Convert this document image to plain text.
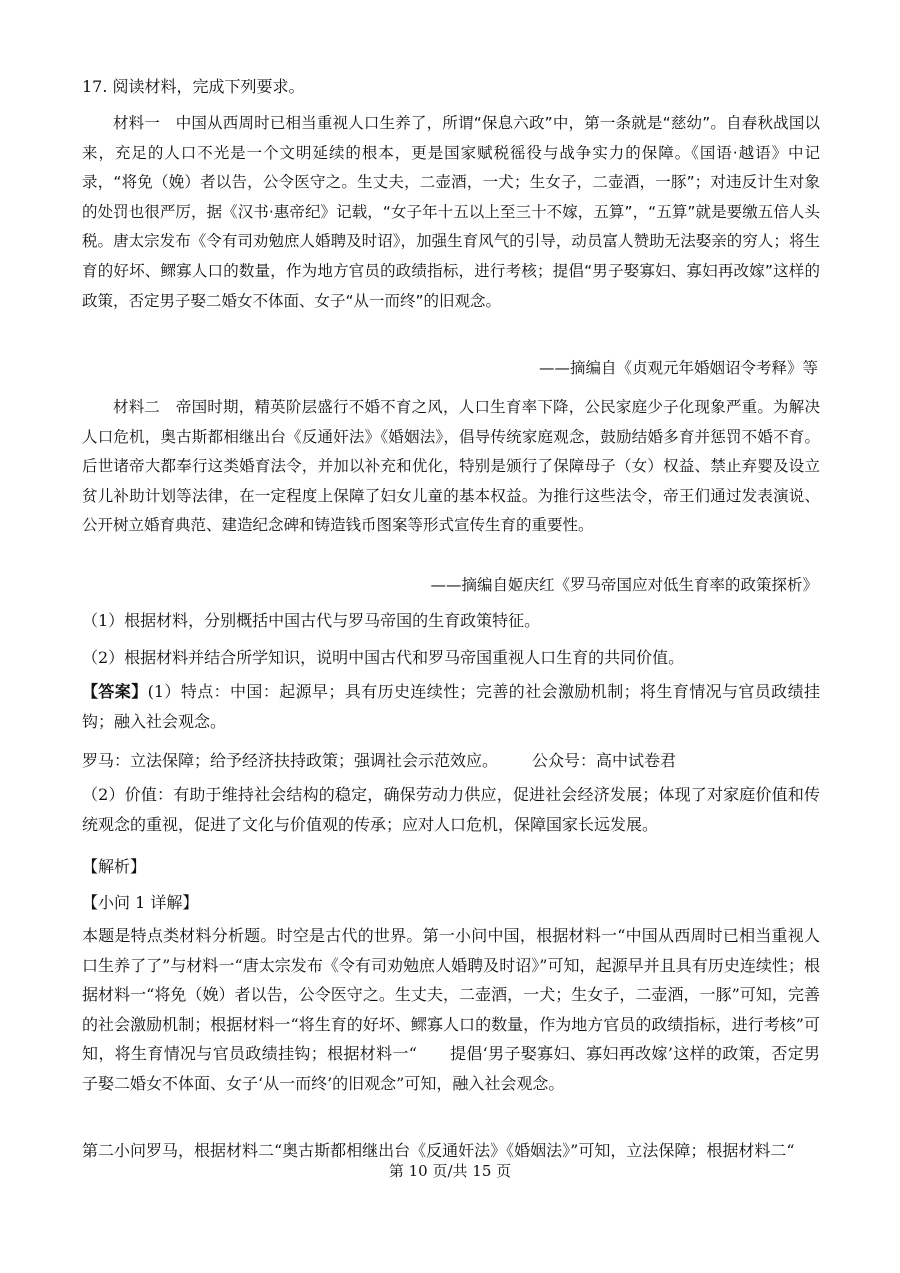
17. 阅读材料，完成下列要求。
材料一　中国从西周时已相当重视人口生养了，所谓“保息六政”中，第一条就是“慈幼”。自春秋战国以来，充足的人口不光是一个文明延续的根本，更是国家赋税徭役与战争实力的保障。《国语·越语》中记录，“将免（娩）者以告，公令医守之。生丈夫，二壶酒，一犬；生女子，二壶酒，一豚”；对违反计生对象的处罚也很严厉，据《汉书·惠帝纪》记载，“女子年十五以上至三十不嫁，五算”，“五算”就是要缴五倍人头税。唐太宗发布《令有司劝勉庶人婚聘及时诏》，加强生育风气的引导，动员富人赞助无法娶亲的穷人；将生育的好坏、鳏寡人口的数量，作为地方官员的政绩指标，进行考核；提倡“男子娶寡妇、寡妇再改嫁”这样的政策，否定男子娶二婚女不体面、女子“从一而终”的旧观念。
——摘编自《贞观元年婚姻诏令考释》等
材料二　帝国时期，精英阶层盛行不婚不育之风，人口生育率下降，公民家庭少子化现象严重。为解决人口危机，奥古斯都相继出台《反通奸法》《婚姻法》，倡导传统家庭观念，鼓励结婚多育并惩罚不婚不育。后世诸帝大都奉行这类婚育法令，并加以补充和优化，特别是颁行了保障母子（女）权益、禁止弃婴及设立贫儿补助计划等法律，在一定程度上保障了妇女儿童的基本权益。为推行这些法令，帝王们通过发表演说、公开树立婚育典范、建造纪念碑和铸造钱币图案等形式宣传生育的重要性。
——摘编自姬庆红《罗马帝国应对低生育率的政策探析》
（1）根据材料，分别概括中国古代与罗马帝国的生育政策特征。
（2）根据材料并结合所学知识，说明中国古代和罗马帝国重视人口生育的共同价值。
【答案】(1）特点：中国：起源早；具有历史连续性；完善的社会激励机制；将生育情况与官员政绩挂钩；融入社会观念。
罗马：立法保障；给予经济扶持政策；强调社会示范效应。 公众号：高中试卷君
（2）价值：有助于维持社会结构的稳定，确保劳动力供应，促进社会经济发展；体现了对家庭价值和传统观念的重视，促进了文化与价值观的传承；应对人口危机，保障国家长远发展。
【解析】
【小问 1 详解】
本题是特点类材料分析题。时空是古代的世界。第一小问中国，根据材料一“中国从西周时已相当重视人口生养了了”与材料一“唐太宗发布《令有司劝勉庶人婚聘及时诏》”可知，起源早并且具有历史连续性；根据材料一“将免（娩）者以告，公令医守之。生丈夫，二壶酒，一犬；生女子，二壶酒，一豚”可知，完善的社会激励机制；根据材料一“将生育的好坏、鳏寡人口的数量，作为地方官员的政绩指标，进行考核”可知，将生育情况与官员政绩挂钩；根据材料一“　　提倡‘男子娶寡妇、寡妇再改嫁’这样的政策，否定男子娶二婚女不体面、女子‘从一而终’的旧观念”可知，融入社会观念。
第二小问罗马，根据材料二“奥古斯都相继出台《反通奸法》《婚姻法》”可知，立法保障；根据材料二“
第 10 页/共 15 页
